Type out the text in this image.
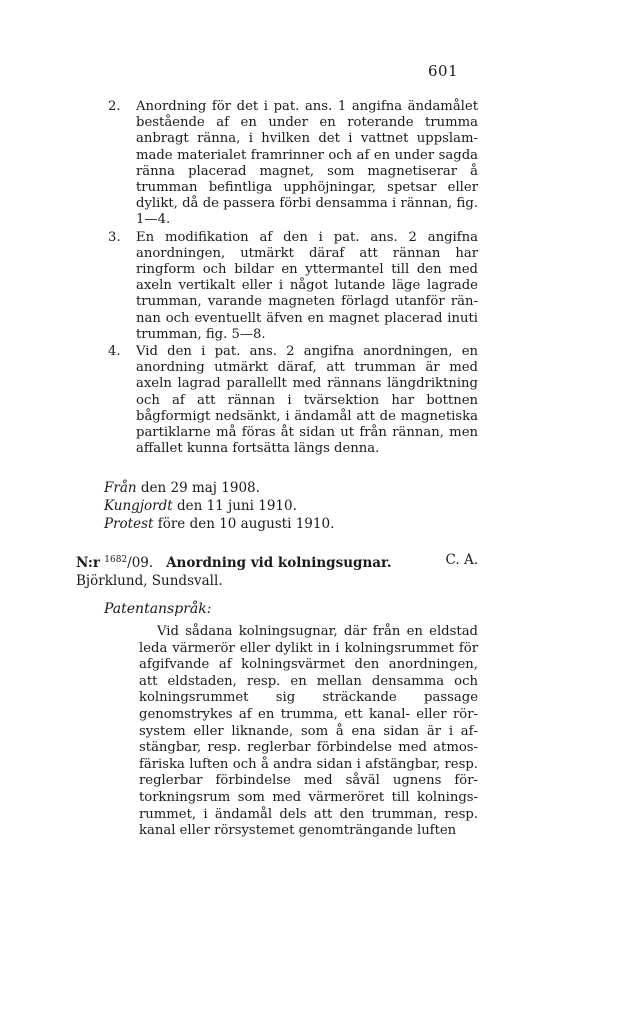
601
2. Anordning för det i pat. ans. 1 angifna ändamålet bestående af en under en roterande trumma anbragt ränna, i hvilken det i vattnet uppslammade materialet framrinner och af en under sagda ränna placerad magnet, som magnetiserar å trumman befintliga upphöjningar, spetsar eller dylikt, då de passera förbi densamma i rännan, fig. 1—4.
3. En modifikation af den i pat. ans. 2 angifna anordningen, utmärkt däraf att rännan har ringform och bildar en yttermantel till den med axeln vertikalt eller i något lutande läge lagrade trumman, varande magneten förlagd utanför rännan och eventuellt äfven en magnet placerad inuti trumman, fig. 5—8.
4. Vid den i pat. ans. 2 angifna anordningen, en anordning utmärkt däraf, att trumman är med axeln lagrad parallellt med rännans längdriktning och af att rännan i tvärsektion har bottnen bågformigt nedsänkt, i ändamål att de magnetiska partiklarne må föras åt sidan ut från rännan, men affallet kunna fortsätta längs denna.
Från den 29 maj 1908.
Kungjordt den 11 juni 1910.
Protest före den 10 augusti 1910.
N:r $^{1682}$/09. Anordning vid kolningsugnar.	C. A.
Björklund, Sundsvall.
Patentanspråk:
Vid sådana kolningsugnar, där från en eldstad leda värmerör eller dylikt in i kolningsrummet för afgifvande af kolningsvärmet den anordningen, att eldstaden, resp. en mellan densamma och kolningsrummet sig sträckande passage genomstrykes af en trumma, ett kanal- eller rörsystem eller liknande, som å ena sidan är i afstängbar, resp. reglerbar förbindelse med atmosfäriska luften och å andra sidan i afstängbar, resp. reglerbar förbindelse med såväl ugnens förtorkningsrum som med värmeröret till kolningsrummet, i ändamål dels att den trumman, resp. kanal eller rörsystemet genomträngande luften
